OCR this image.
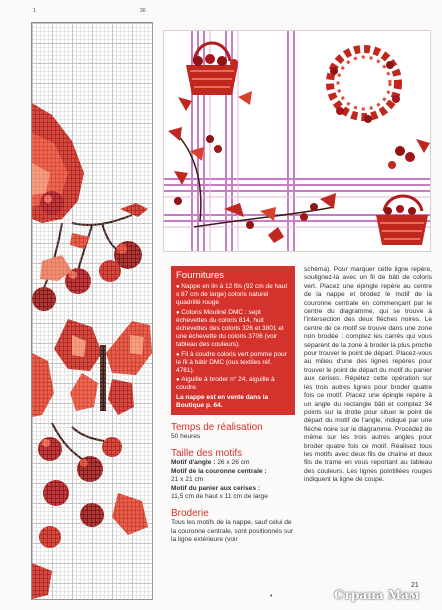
1	30
Fournitures
● Nappe en lin à 12 fils (92 cm de haut x 87 cm de large) coloris naturel quadrillé rouge
● Cotons Mouliné DMC : sept échevettes du coloris 814, huit échevettes des coloris 326 et 3801 et une échevette du coloris 3706 (voir tableau des couleurs).
● Fil à coudre coloris vert pomme pour le fil à bâtir DMC (ous textiles réf. 4761).
● Aiguille à broder n° 24, aiguille à coudre.
La nappe est en vente dans la Boutique p. 64.
Temps de réalisation
50 heures
Taille des motifs
Motif d'angle : 26 x 26 cm
Motif de la couronne centrale :
21 x 21 cm
Motif du panier aux cerises :
11,5 cm de haut x 11 cm de large
Broderie
Tous les motifs de la nappe, sauf celui de la couronne centrale, sont positionnés sur la ligne extérieure (voir
schéma). Pour marquer cette ligne repère, soulignez-la avec un fil de bâti de coloris vert. Placez une épingle repère au centre de la nappe et brodez le motif de la couronne centrale en commençant par le centre du diagramme, qui se trouve à l'intersection des deux flèches noires. Le centre de ce motif se trouve dans une zone non brodée : comptez les carrés qui vous séparent de la zone à broder la plus proche pour trouver le point de départ. Placez-vous au milieu d'une des lignes repères pour trouver le point de départ du motif du panier aux cerises. Répétez cette opération sur les trois autres lignes pour broder quatre fois ce motif. Placez une épingle repère à un angle du rectangle bâti et comptez 34 points sur la droite pour situer le point de départ du motif de l'angle, indiqué par une flèche noire sur le diagramme. Procédez de même sur les trois autres angles pour broder quatre fois ce motif. Réalisez tous les motifs avec deux fils de chaîne et deux fils de trame en vous reportant au tableau des couleurs. Les lignes pointillées rouges indiquent la ligne de coupe.
•
21
Страна Мам
